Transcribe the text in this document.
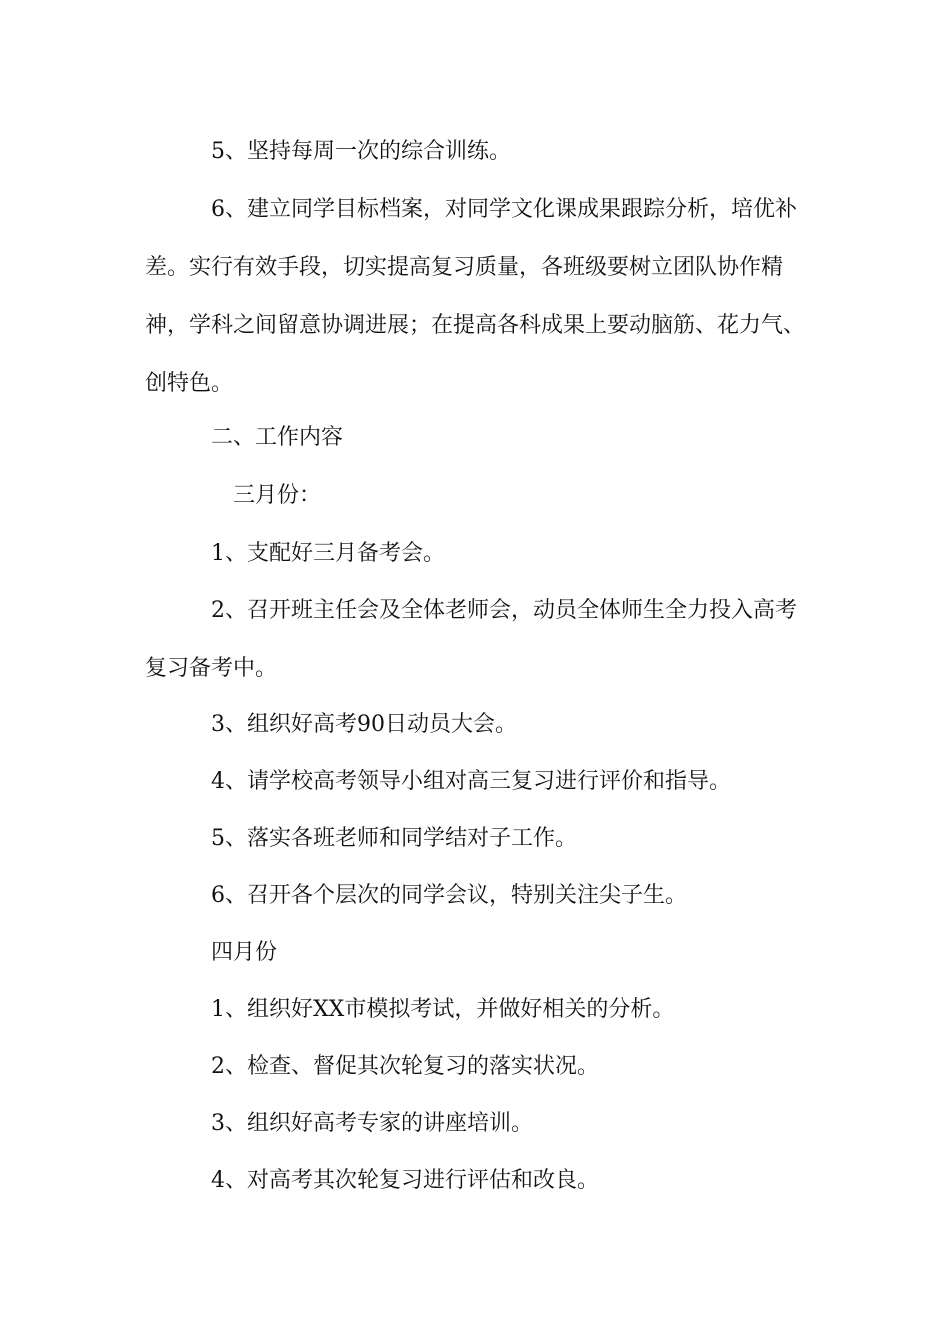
5、坚持每周一次的综合训练。

6、建立同学目标档案，对同学文化课成果跟踪分析，培优补
差。实行有效手段，切实提高复习质量，各班级要树立团队协作精
神，学科之间留意协调进展；在提高各科成果上要动脑筋、花力气、
创特色。

二、工作内容

三月份：

1、支配好三月备考会。

2、召开班主任会及全体老师会，动员全体师生全力投入高考
复习备考中。

3、组织好高考90日动员大会。

4、请学校高考领导小组对高三复习进行评价和指导。

5、落实各班老师和同学结对子工作。

6、召开各个层次的同学会议，特别关注尖子生。

四月份

1、组织好XX市模拟考试，并做好相关的分析。

2、检查、督促其次轮复习的落实状况。

3、组织好高考专家的讲座培训。

4、对高考其次轮复习进行评估和改良。
